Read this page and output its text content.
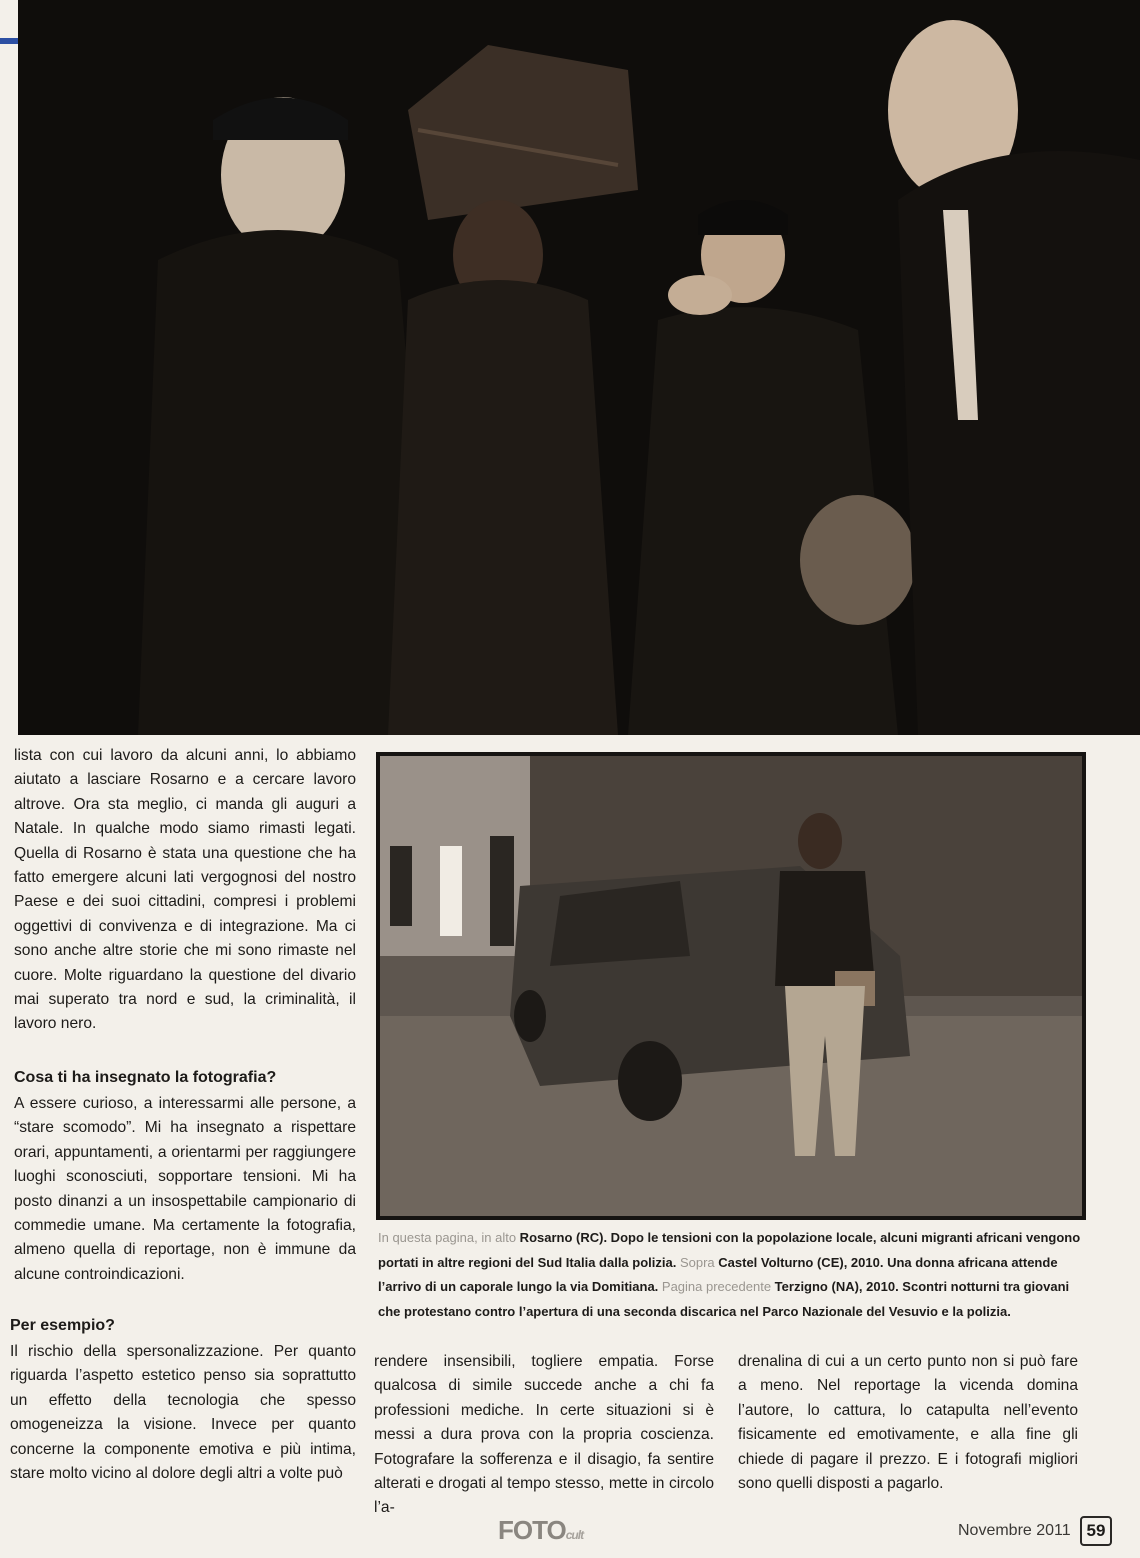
lista con cui lavoro da alcuni anni, lo abbiamo aiutato a lasciare Rosarno e a cercare lavoro altrove. Ora sta meglio, ci manda gli auguri a Natale. In qualche modo siamo rimasti legati. Quella di Rosarno è stata una questione che ha fatto emergere alcuni lati vergognosi del nostro Paese e dei suoi cittadini, compresi i problemi oggettivi di convivenza e di integrazione. Ma ci sono anche altre storie che mi sono rimaste nel cuore. Molte riguardano la questione del divario mai superato tra nord e sud, la criminalità, il lavoro nero.

Cosa ti ha insegnato la fotografia?

A essere curioso, a interessarmi alle persone, a “stare scomodo”. Mi ha insegnato a rispettare orari, appuntamenti, a orientarmi per raggiungere luoghi sconosciuti, sopportare tensioni. Mi ha posto dinanzi a un insospettabile campionario di commedie umane. Ma certamente la fotografia, almeno quella di reportage, non è immune da alcune controindicazioni.

Per esempio?

Il rischio della spersonalizzazione. Per quanto riguarda l’aspetto estetico penso sia soprattutto un effetto della tecnologia che spesso omogeneizza la visione. Invece per quanto concerne la componente emotiva e più intima, stare molto vicino al dolore degli altri a volte può

In questa pagina, in alto Rosarno (RC). Dopo le tensioni con la popolazione locale, alcuni migranti africani vengono portati in altre regioni del Sud Italia dalla polizia. Sopra Castel Volturno (CE), 2010. Una donna africana attende l’arrivo di un caporale lungo la via Domitiana. Pagina precedente Terzigno (NA), 2010. Scontri notturni tra giovani che protestano contro l’apertura di una seconda discarica nel Parco Nazionale del Vesuvio e la polizia.

rendere insensibili, togliere empatia. Forse qualcosa di simile succede anche a chi fa professioni mediche. In certe situazioni si è messi a dura prova con la propria coscienza. Fotografare la sofferenza e il disagio, fa sentire alterati e drogati al tempo stesso, mette in circolo l’a-

drenalina di cui a un certo punto non si può fare a meno. Nel reportage la vicenda domina l’autore, lo cattura, lo catapulta nell’evento fisicamente ed emotivamente, e alla fine gli chiede di pagare il prezzo. E i fotografi migliori sono quelli disposti a pagarlo.

FOTOcult	Novembre 2011 59
